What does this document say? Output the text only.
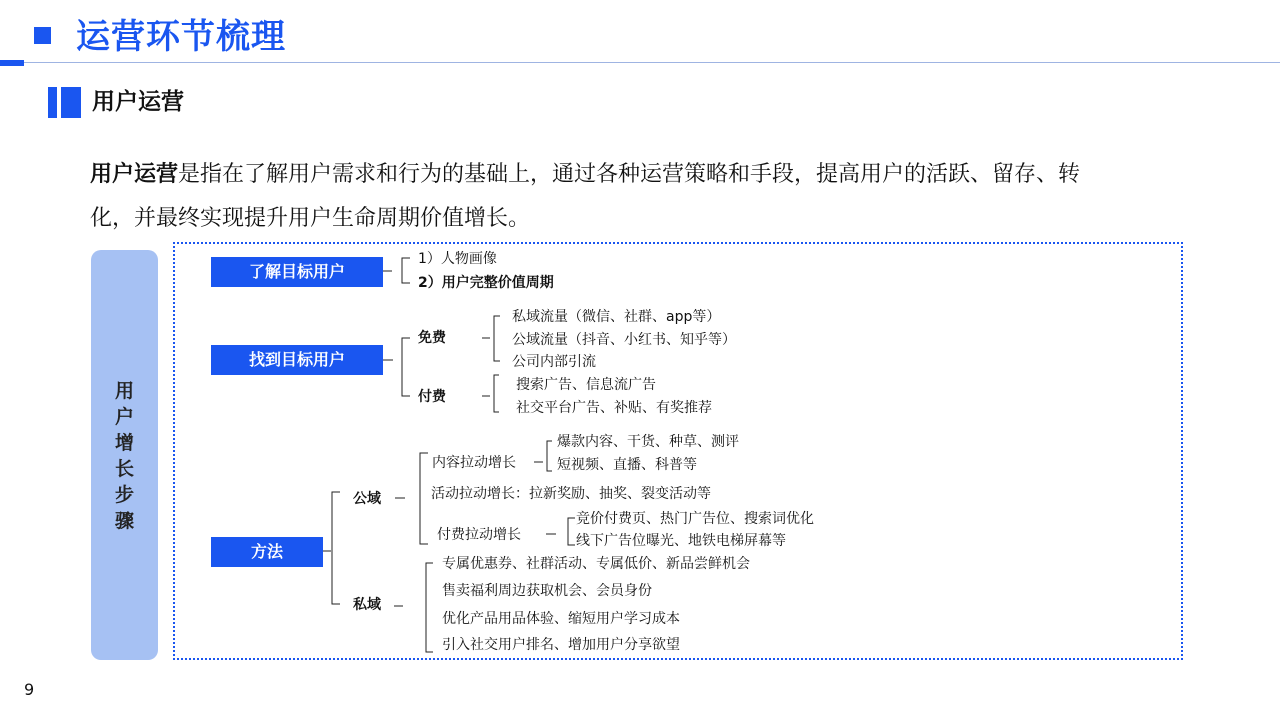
运营环节梳理
用户运营
用户运营是指在了解用户需求和行为的基础上，通过各种运营策略和手段，提高用户的活跃、留存、转
化，并最终实现提升用户生命周期价值增长。
用
户
增
长
步
骤
了解目标用户
1）人物画像
2）用户完整价值周期
找到目标用户
免费
私域流量（微信、社群、app等）
公域流量（抖音、小红书、知乎等）
公司内部引流
付费
搜索广告、信息流广告
社交平台广告、补贴、有奖推荐
方法
公域
内容拉动增长
爆款内容、干货、种草、测评
短视频、直播、科普等
活动拉动增长：拉新奖励、抽奖、裂变活动等
付费拉动增长
竞价付费页、热门广告位、搜索词优化
线下广告位曝光、地铁电梯屏幕等
私域
专属优惠券、社群活动、专属低价、新品尝鲜机会
售卖福利周边获取机会、会员身份
优化产品用品体验、缩短用户学习成本
引入社交用户排名、增加用户分享欲望
9
